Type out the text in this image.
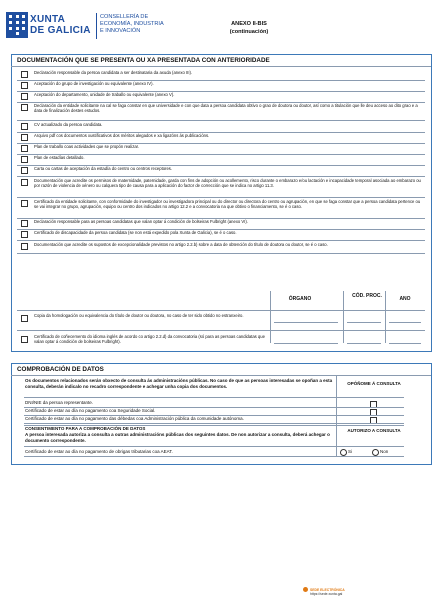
XUNTA
DE GALICIA
CONSELLERÍA DE
ECONOMÍA, INDUSTRIA
E INNOVACIÓN
ANEXO II-BIS
(continuación)
DOCUMENTACIÓN QUE SE PRESENTA OU XA PRESENTADA CON ANTERIORIDADE
Declaración responsable da persoa candidata a ser destinataria da axuda (anexo III).
Aceptación do grupo de investigación ou equivalente (anexo IV).
Aceptación do departamento, unidade de traballo ou equivalente (anexo V).
Declaración da entidade solicitante na cal se faga constar en que universidade e con que data a persoa candidata obtivo o grao de doutora ou doutor, así como a titulación que lle deu acceso ao dito grao e a data de finalización destes estudos.
CV actualizado da persoa candidata.
Arquivo pdf cos documentos xustificativos dos méritos alegados e xa ligazóns ás publicacións.
Plan de traballo coas actividades que se propón realizar.
Plan de estadías detallado.
Carta ou cartas de aceptación da estadía do centro ou centros receptores.
Documentación que acredite os permisos de maternidade, paternidade, garda con fins de adopción ou acollemento, risco durante o embarazo e/ou lactación e incapacidade temporal asociada ao embarazo ou por razón de violencia de xénero ou calquera tipo de causa para a aplicación do factor de corrección que se indica no artigo 11.3.
Certificado da entidade solicitante, con conformidade do investigador ou investigadora principal ou do director ou directora do centro ou agrupación, en que se faga constar que a persoa candidata pertence ou se vai integrar no grupo, agrupación, equipo ou centro dos indicados no artigo 12.2 e a convocatoria na que obtivo o financiamento, se é o caso.
Declaración responsable para as persoas candidatas que valan optar á condición de bolseiras Fulbright (anexo VI).
Certificado de discapacidade da persoa candidata (se non está expedido pola Xunta de Galicia), se é o caso.
Documentación que acredite os supostos de excepcionalidade previstos no artigo 2.2.b) sobre a data de obtención do título de doutora ou doutor, se é o caso.
ÓRGANO	CÓD. PROC.	ANO
Copia da homologación ou equivalencia do título de doutor ou doutora, no caso de ter sido obtido no estranxeiro.
Certificado de coñecemento do idioma inglés de acordo co artigo 2.2.d) da convocatoria (só para as persoas candidatas que valan optar á condición de bolseiras Fulbright).
COMPROBACIÓN DE DATOS
Os documentos relacionados serán obxecto de consulta ás administracións públicas. No caso de que as persoas interesadas se opoñan a esta consulta, deberán indicalo no recadro correspondente e achegar unha copia dos documentos.
OPÓÑOME Á CONSULTA
DNI/NIE da persoa representante.
Certificado de estar ao día no pagamento coa Seguridade Social.
Certificado de estar ao día no pagamento das débedas coa Administración pública da comunidade autónoma.
CONSENTIMENTO PARA A COMPROBACIÓN DE DATOS
A persoa interesada autoriza a consulta a outras administracións públicas dos seguintes datos. De non autorizar a consulta, deberá achegar o documento correspondente.
AUTORIZO A CONSULTA
Certificado de estar ao día no pagamento de obrigas tributarias coa AEAT.	Si	Non
SEDE ELECTRÓNICA
https://sede.xunta.gal
